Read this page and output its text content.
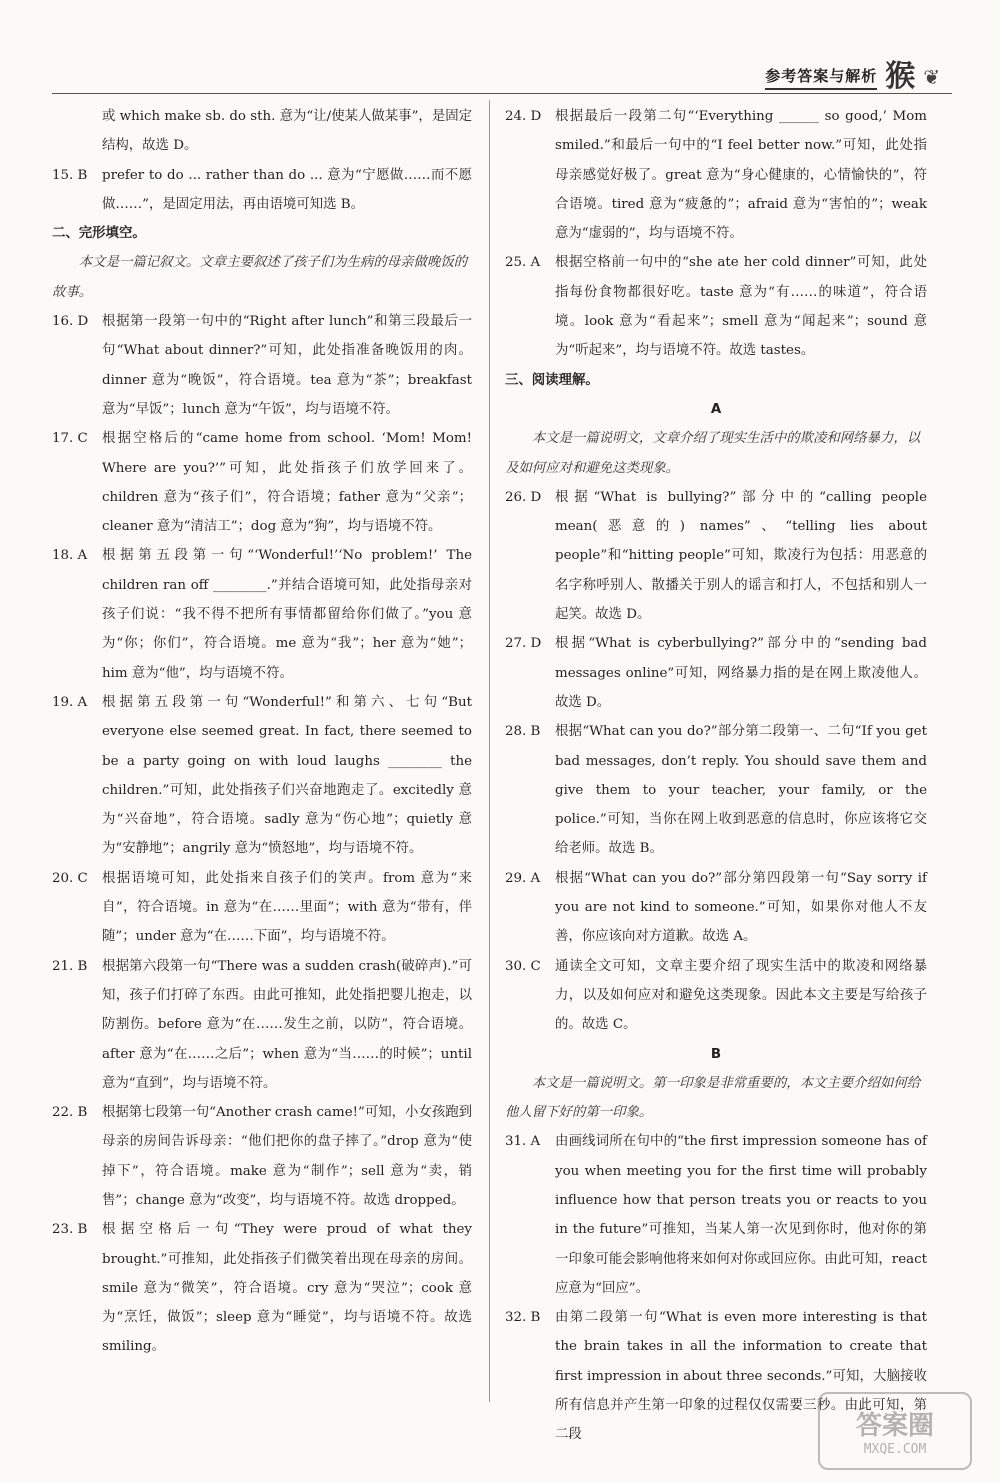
参考答案与解析 猴 ❦
或 which make sb. do sth. 意为“让/使某人做某事”，是固定结构，故选 D。
15. B	prefer to do ... rather than do ... 意为“宁愿做……而不愿做……”，是固定用法，再由语境可知选 B。
二、完形填空。
本文是一篇记叙文。文章主要叙述了孩子们为生病的母亲做晚饭的故事。
16. D	根据第一段第一句中的“Right after lunch”和第三段最后一句“What about dinner?”可知，此处指准备晚饭用的肉。dinner 意为“晚饭”，符合语境。tea 意为“茶”；breakfast 意为“早饭”；lunch 意为“午饭”，均与语境不符。
17. C	根据空格后的“came home from school. ‘Mom! Mom! Where are you?’”可知，此处指孩子们放学回来了。children 意为“孩子们”，符合语境；father 意为“父亲”；cleaner 意为“清洁工”；dog 意为“狗”，均与语境不符。
18. A	根据第五段第一句“‘Wonderful!’‘No problem!’ The children ran off ________.”并结合语境可知，此处指母亲对孩子们说：“我不得不把所有事情都留给你们做了。”you 意为“你；你们”，符合语境。me 意为“我”；her 意为“她”；him 意为“他”，均与语境不符。
19. A	根据第五段第一句“Wonderful!”和第六、七句“But everyone else seemed great. In fact, there seemed to be a party going on with loud laughs ________ the children.”可知，此处指孩子们兴奋地跑走了。excitedly 意为“兴奋地”，符合语境。sadly 意为“伤心地”；quietly 意为“安静地”；angrily 意为“愤怒地”，均与语境不符。
20. C	根据语境可知，此处指来自孩子们的笑声。from 意为“来自”，符合语境。in 意为“在……里面”；with 意为“带有，伴随”；under 意为“在……下面”，均与语境不符。
21. B	根据第六段第一句“There was a sudden crash(破碎声).”可知，孩子们打碎了东西。由此可推知，此处指把婴儿抱走，以防割伤。before 意为“在……发生之前，以防”，符合语境。after 意为“在……之后”；when 意为“当……的时候”；until 意为“直到”，均与语境不符。
22. B	根据第七段第一句“Another crash came!”可知，小女孩跑到母亲的房间告诉母亲：“他们把你的盘子摔了。”drop 意为“使掉下”，符合语境。make 意为“制作”；sell 意为“卖，销售”；change 意为“改变”，均与语境不符。故选 dropped。
23. B	根据空格后一句“They were proud of what they brought.”可推知，此处指孩子们微笑着出现在母亲的房间。smile 意为“微笑”，符合语境。cry 意为“哭泣”；cook 意为“烹饪，做饭”；sleep 意为“睡觉”，均与语境不符。故选 smiling。
24. D	根据最后一段第二句“‘Everything ______ so good,’ Mom smiled.”和最后一句中的“I feel better now.”可知，此处指母亲感觉好极了。great 意为“身心健康的，心情愉快的”，符合语境。tired 意为“疲惫的”；afraid 意为“害怕的”；weak 意为“虚弱的”，均与语境不符。
25. A	根据空格前一句中的“she ate her cold dinner”可知，此处指每份食物都很好吃。taste 意为“有……的味道”，符合语境。look 意为“看起来”；smell 意为“闻起来”；sound 意为“听起来”，均与语境不符。故选 tastes。
三、阅读理解。
A
本文是一篇说明文，文章介绍了现实生活中的欺凌和网络暴力，以及如何应对和避免这类现象。
26. D	根据“What is bullying?”部分中的“calling people mean(恶意的) names”、“telling lies about people”和“hitting people”可知，欺凌行为包括：用恶意的名字称呼别人、散播关于别人的谣言和打人，不包括和别人一起笑。故选 D。
27. D	根据“What is cyberbullying?”部分中的“sending bad messages online”可知，网络暴力指的是在网上欺凌他人。故选 D。
28. B	根据“What can you do?”部分第二段第一、二句“If you get bad messages, don’t reply. You should save them and give them to your teacher, your family, or the police.”可知，当你在网上收到恶意的信息时，你应该将它交给老师。故选 B。
29. A	根据“What can you do?”部分第四段第一句“Say sorry if you are not kind to someone.”可知，如果你对他人不友善，你应该向对方道歉。故选 A。
30. C	通读全文可知，文章主要介绍了现实生活中的欺凌和网络暴力，以及如何应对和避免这类现象。因此本文主要是写给孩子的。故选 C。
B
本文是一篇说明文。第一印象是非常重要的，本文主要介绍如何给他人留下好的第一印象。
31. A	由画线词所在句中的“the first impression someone has of you when meeting you for the first time will probably influence how that person treats you or reacts to you in the future”可推知，当某人第一次见到你时，他对你的第一印象可能会影响他将来如何对你或回应你。由此可知，react 应意为“回应”。
32. B	由第二段第一句“What is even more interesting is that the brain takes in all the information to create that first impression in about three seconds.”可知，大脑接收所有信息并产生第一印象的过程仅仅需要三秒。由此可知，第二段	答案圈
MXQE.COM
